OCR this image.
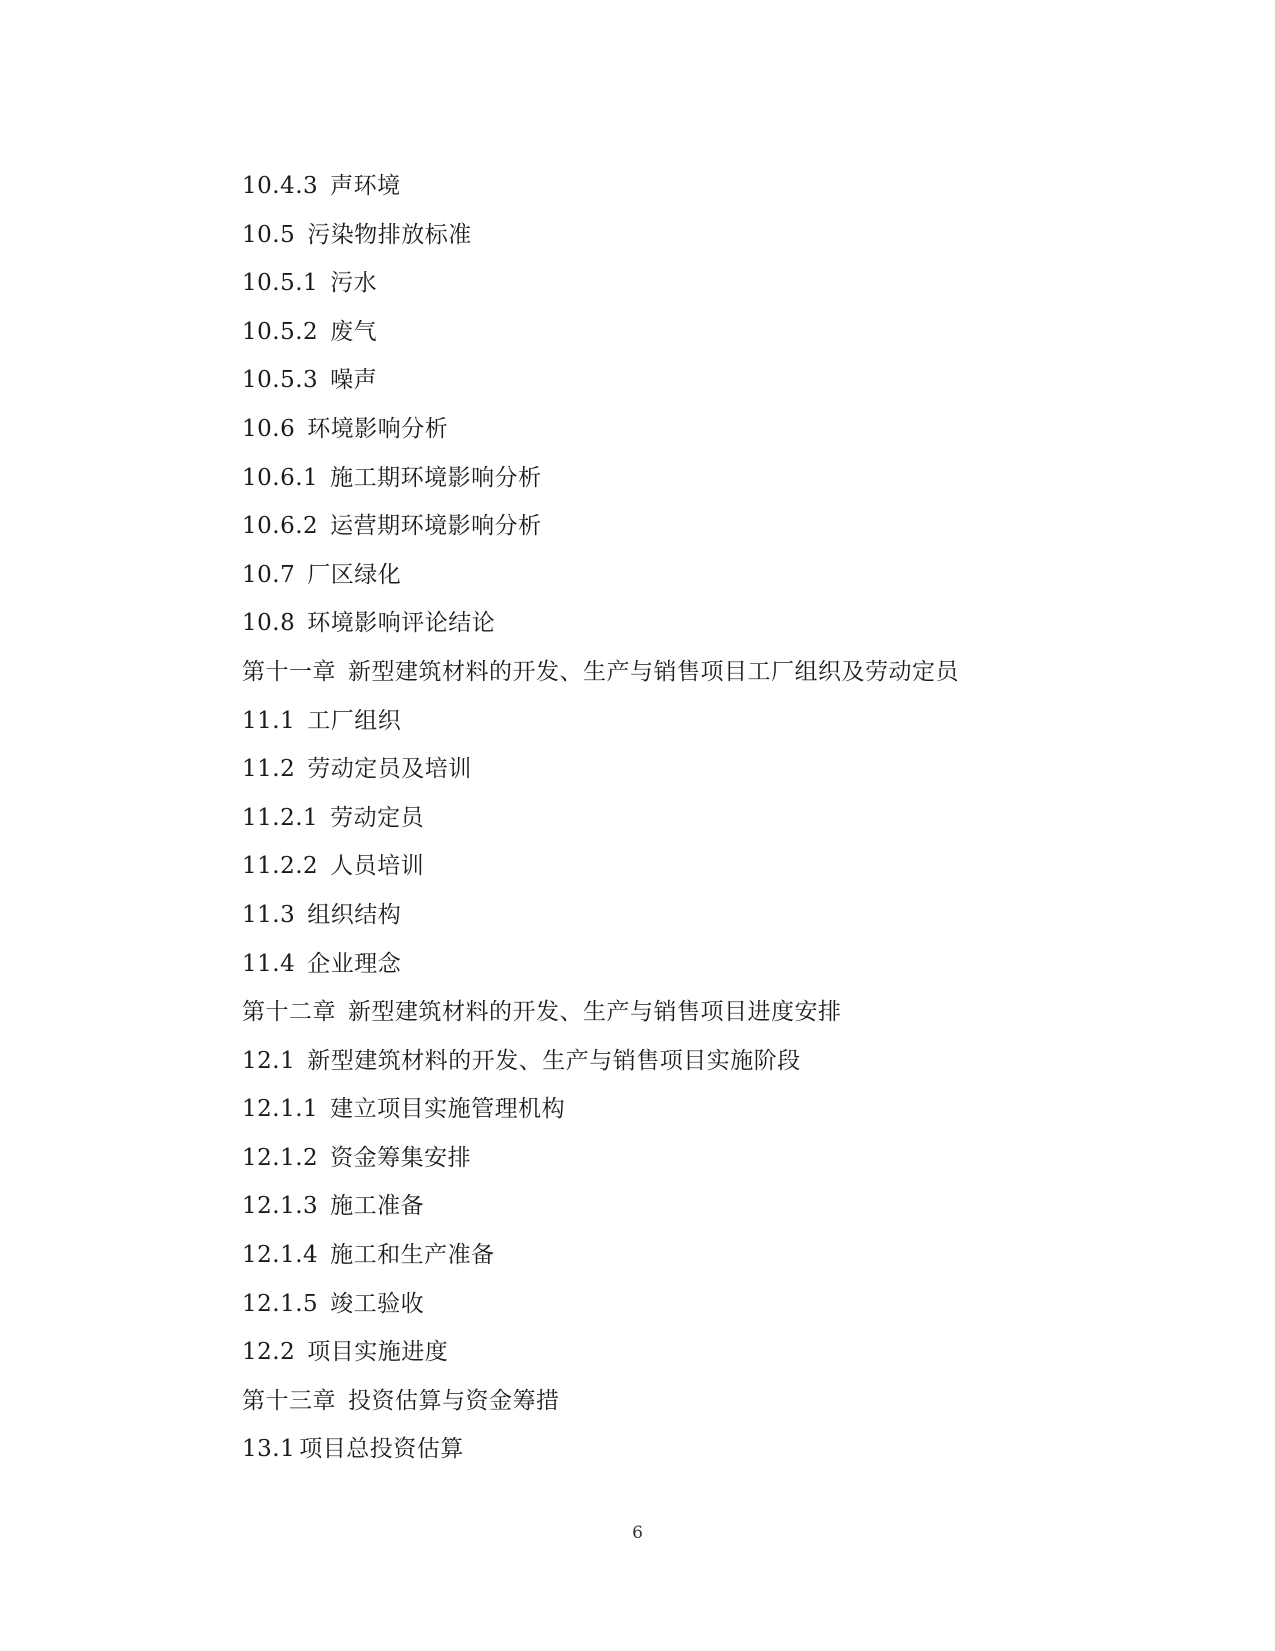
10.4.3 声环境
10.5 污染物排放标准
10.5.1 污水
10.5.2 废气
10.5.3 噪声
10.6 环境影响分析
10.6.1 施工期环境影响分析
10.6.2 运营期环境影响分析
10.7 厂区绿化
10.8 环境影响评论结论
第十一章 新型建筑材料的开发、生产与销售项目工厂组织及劳动定员
11.1 工厂组织
11.2 劳动定员及培训
11.2.1 劳动定员
11.2.2 人员培训
11.3 组织结构
11.4 企业理念
第十二章 新型建筑材料的开发、生产与销售项目进度安排
12.1 新型建筑材料的开发、生产与销售项目实施阶段
12.1.1 建立项目实施管理机构
12.1.2 资金筹集安排
12.1.3 施工准备
12.1.4 施工和生产准备
12.1.5 竣工验收
12.2 项目实施进度
第十三章 投资估算与资金筹措
13.1 项目总投资估算
6
